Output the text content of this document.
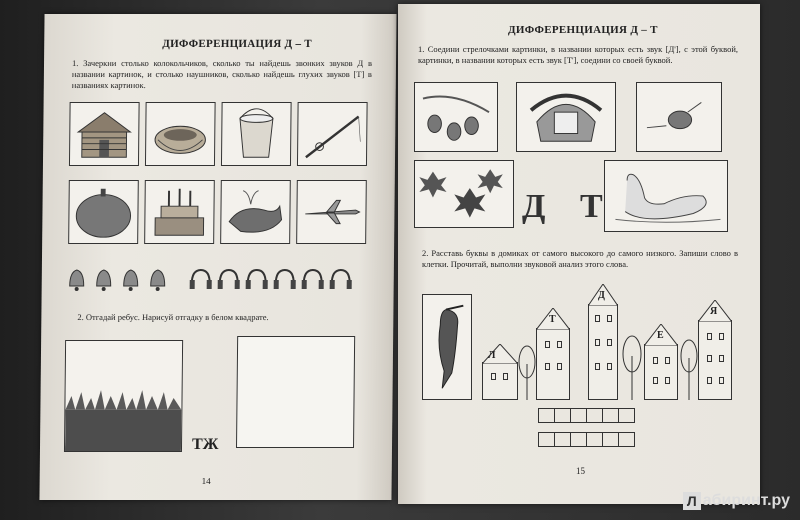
ДИФФЕРЕНЦИАЦИЯ Д – Т
1. Зачеркни столько колокольчиков, сколько ты найдешь звонких звуков Д в названии картинок, и столько наушников, сколько найдешь глухих звуков [Т] в названиях картинок.
2. Отгадай ребус. Нарисуй отгадку в белом квадрате.
ТЖ
14
ДИФФЕРЕНЦИАЦИЯ Д – Т
1. Соедини стрелочками картинки, в названии которых есть звук [Д'], с этой буквой, картинки, в названии которых есть звук [Т'], соедини со своей буквой.
Д Т
2. Расставь буквы в домиках от самого высокого до самого низкого. Запиши слово в клетки. Прочитай, выполни звуковой анализ этого слова.
Л
Т
Д
Е
Я
15
Л абиринт.ру
